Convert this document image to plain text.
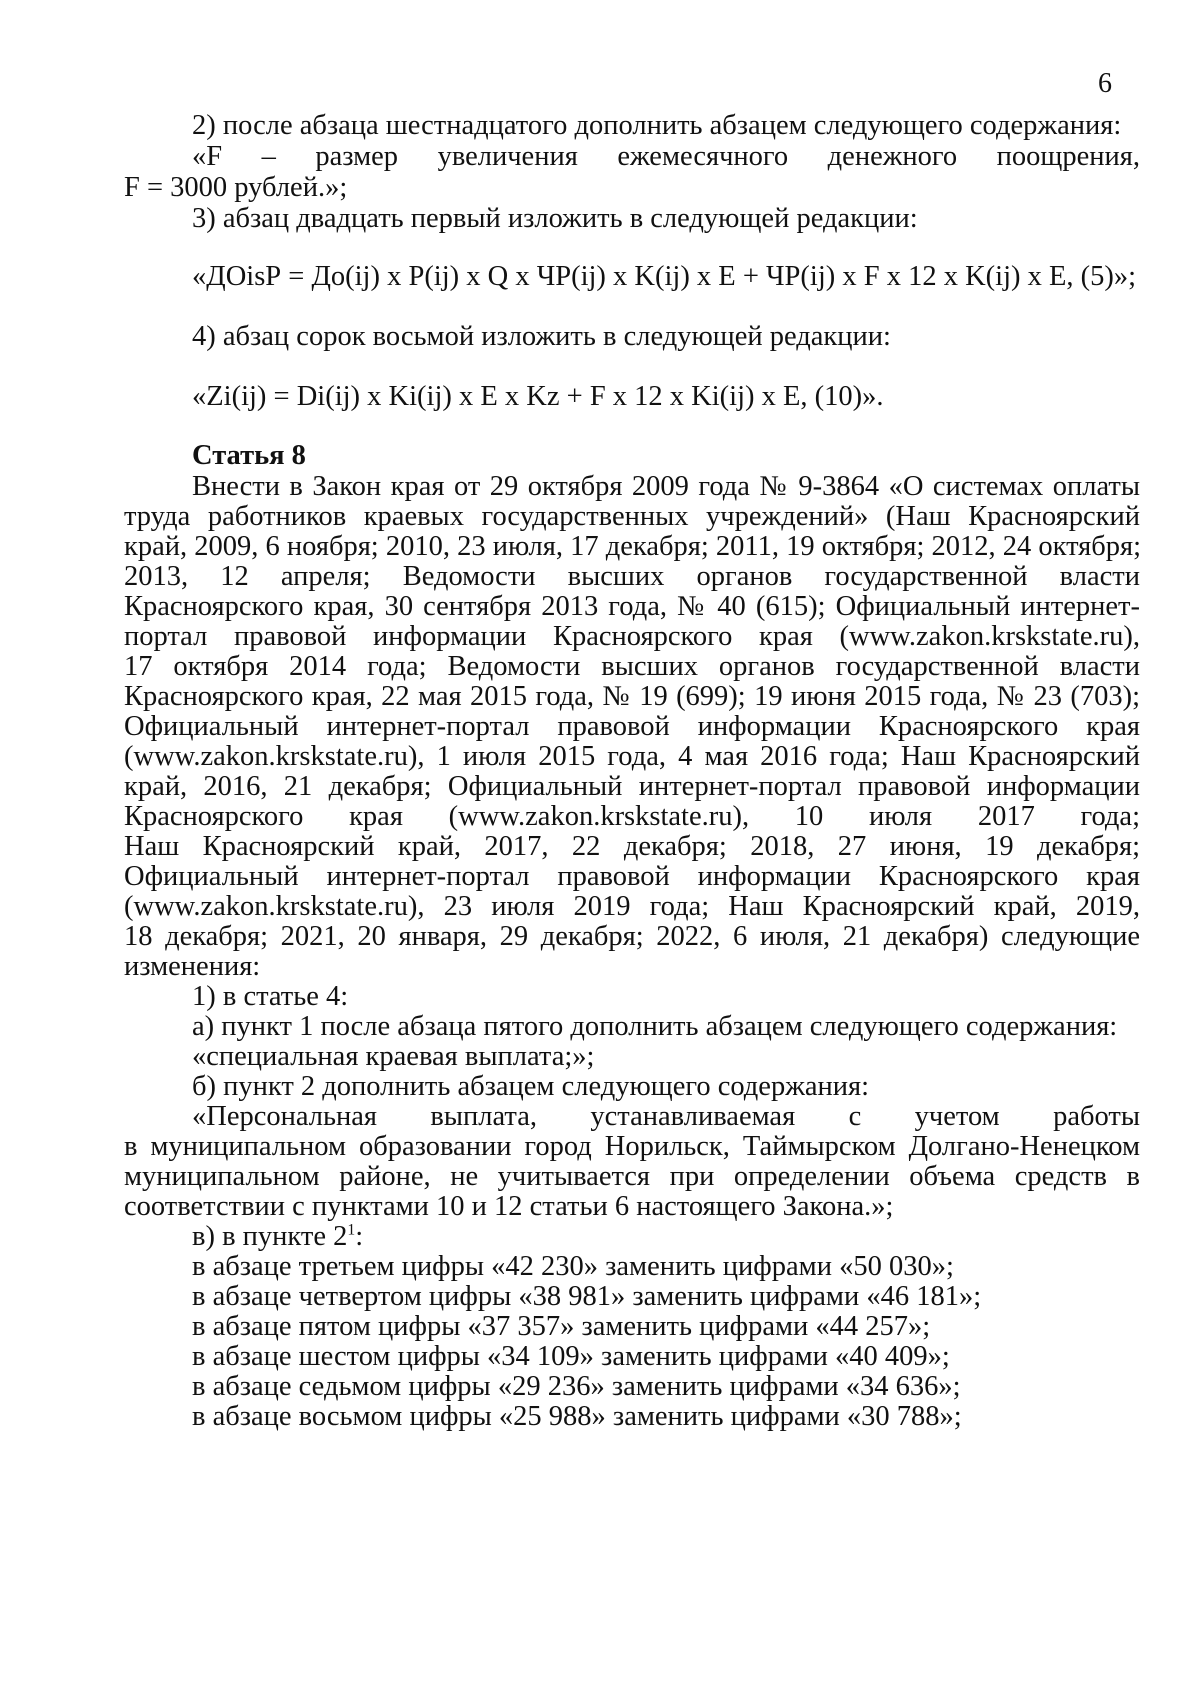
6
2) после абзаца шестнадцатого дополнить абзацем следующего содержания:
«F – размер увеличения ежемесячного денежного поощрения,
F = 3000 рублей.»;
3) абзац двадцать первый изложить в следующей редакции:
«ДОisР = До(ij) x P(ij) x Q x ЧР(ij) x K(ij) x E + ЧР(ij) x F x 12 x K(ij) x E, (5)»;
4) абзац сорок восьмой изложить в следующей редакции:
«Zi(ij) = Di(ij) x Ki(ij) x E x Kz + F x 12 x Ki(ij) x E, (10)».
Статья 8
Внести в Закон края от 29 октября 2009 года № 9-3864 «О системах оплаты
труда работников краевых государственных учреждений» (Наш Красноярский
край, 2009, 6 ноября; 2010, 23 июля, 17 декабря; 2011, 19 октября; 2012, 24 октября;
2013, 12 апреля; Ведомости высших органов государственной власти
Красноярского края, 30 сентября 2013 года, № 40 (615); Официальный интернет-
портал правовой информации Красноярского края (www.zakon.krskstate.ru),
17 октября 2014 года; Ведомости высших органов государственной власти
Красноярского края, 22 мая 2015 года, № 19 (699); 19 июня 2015 года, № 23 (703);
Официальный интернет-портал правовой информации Красноярского края
(www.zakon.krskstate.ru), 1 июля 2015 года, 4 мая 2016 года; Наш Красноярский
край, 2016, 21 декабря; Официальный интернет-портал правовой информации
Красноярского края (www.zakon.krskstate.ru), 10 июля 2017 года;
Наш Красноярский край, 2017, 22 декабря; 2018, 27 июня, 19 декабря;
Официальный интернет-портал правовой информации Красноярского края
(www.zakon.krskstate.ru), 23 июля 2019 года; Наш Красноярский край, 2019,
18 декабря; 2021, 20 января, 29 декабря; 2022, 6 июля, 21 декабря) следующие
изменения:
1) в статье 4:
а) пункт 1 после абзаца пятого дополнить абзацем следующего содержания:
«специальная краевая выплата;»;
б) пункт 2 дополнить абзацем следующего содержания:
«Персональная выплата, устанавливаемая с учетом работы
в муниципальном образовании город Норильск, Таймырском Долгано-Ненецком
муниципальном районе, не учитывается при определении объема средств в
соответствии с пунктами 10 и 12 статьи 6 настоящего Закона.»;
в) в пункте $2^1$:
в абзаце третьем цифры «42 230» заменить цифрами «50 030»;
в абзаце четвертом цифры «38 981» заменить цифрами «46 181»;
в абзаце пятом цифры «37 357» заменить цифрами «44 257»;
в абзаце шестом цифры «34 109» заменить цифрами «40 409»;
в абзаце седьмом цифры «29 236» заменить цифрами «34 636»;
в абзаце восьмом цифры «25 988» заменить цифрами «30 788»;
